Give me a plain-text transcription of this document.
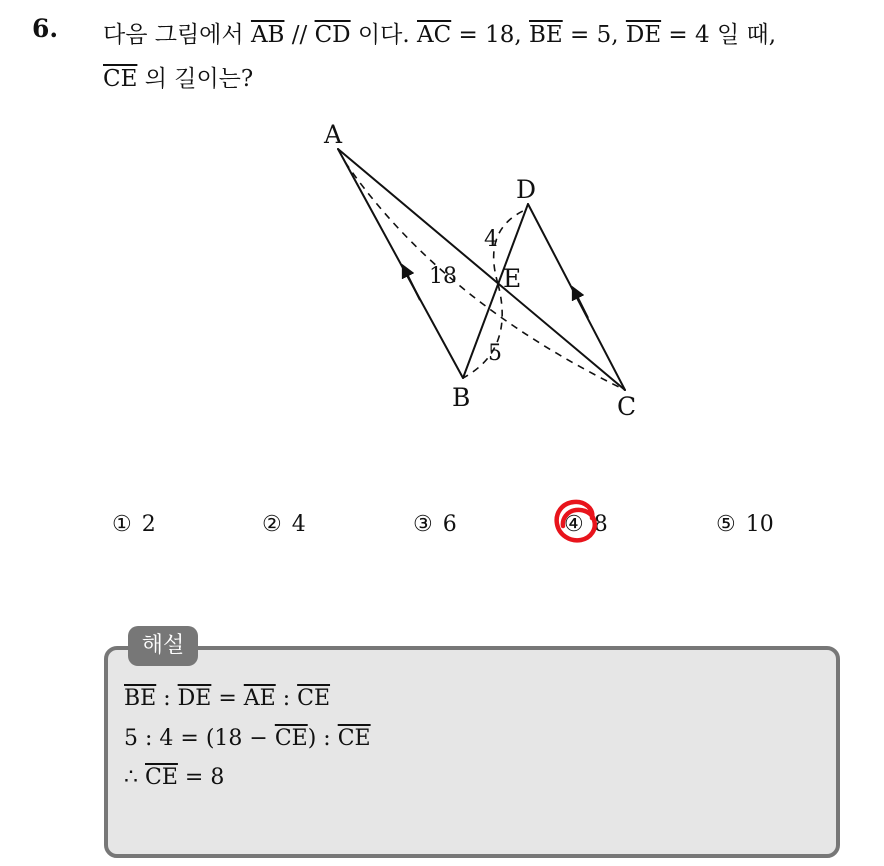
6. 다음 그림에서 $\overline{AB} // \overline{CD}$ 이다. $\overline{AC} = 18$, $\overline{BE} = 5$, $\overline{DE} = 4$ 일 때,
$\overline{CE}$ 의 길이는?
A
D
E
B	C
18
4
5
① 2	② 4	③ 6	④ 8	⑤ 10
해설
$\overline{BE}$ : $\overline{DE} = \overline{AE}$ : $\overline{CE}$
5 : $4 = (18 - \overline{CE})$ : $\overline{CE}$
∴ $\overline{CE} = 8$
